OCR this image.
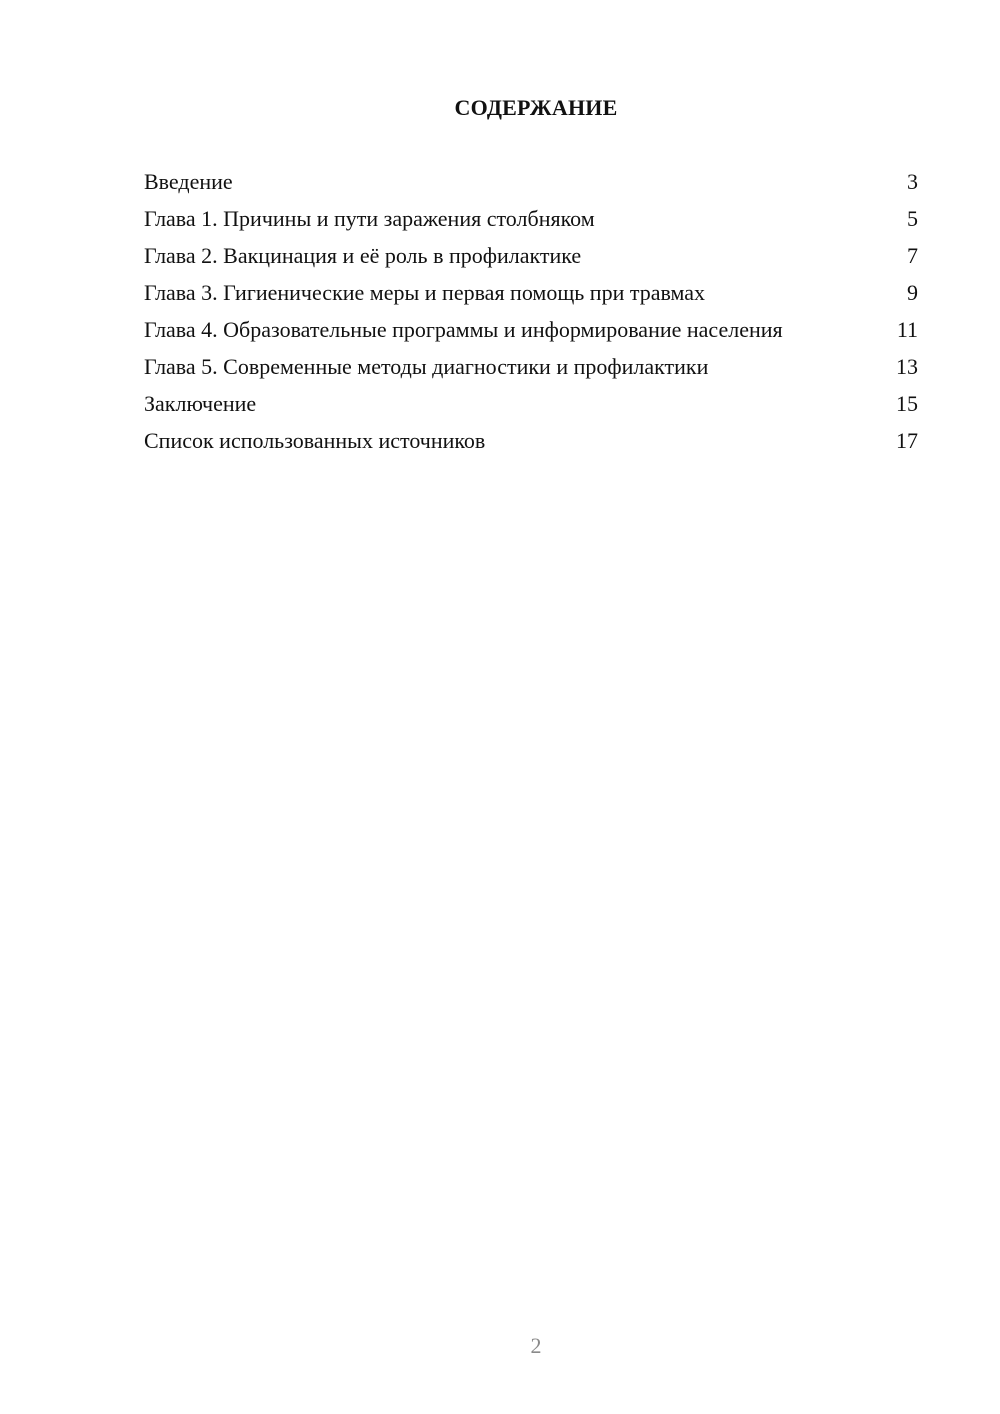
СОДЕРЖАНИЕ
Введение	3
Глава 1. Причины и пути заражения столбняком	5
Глава 2. Вакцинация и её роль в профилактике	7
Глава 3. Гигиенические меры и первая помощь при травмах	9
Глава 4. Образовательные программы и информирование населения	11
Глава 5. Современные методы диагностики и профилактики	13
Заключение	15
Список использованных источников	17
2
